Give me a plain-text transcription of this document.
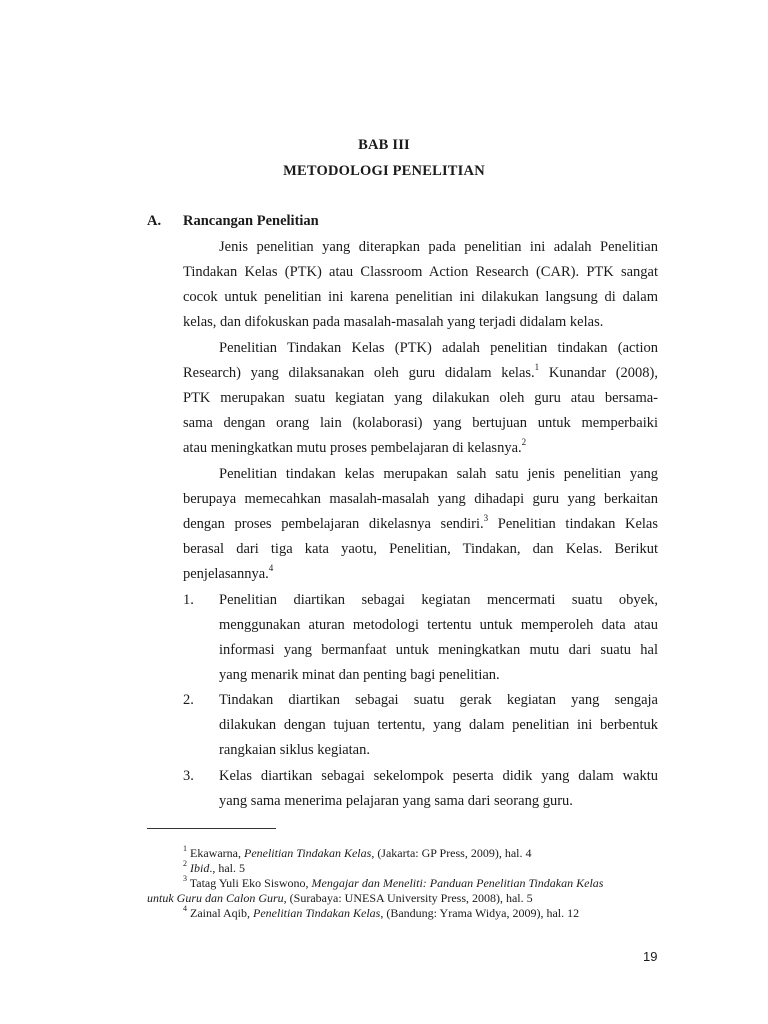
BAB III
METODOLOGI PENELITIAN
A. Rancangan Penelitian
Jenis penelitian yang diterapkan pada penelitian ini adalah Penelitian
Tindakan Kelas (PTK) atau Classroom Action Research (CAR). PTK sangat
cocok untuk penelitian ini karena penelitian ini dilakukan langsung di dalam
kelas, dan difokuskan pada masalah-masalah yang terjadi didalam kelas.
Penelitian Tindakan Kelas (PTK) adalah penelitian tindakan (action
Research) yang dilaksanakan oleh guru didalam kelas.$^1$ Kunandar (2008),
PTK merupakan suatu kegiatan yang dilakukan oleh guru atau bersama-
sama dengan orang lain (kolaborasi) yang bertujuan untuk memperbaiki
atau meningkatkan mutu proses pembelajaran di kelasnya.$^2$
Penelitian tindakan kelas merupakan salah satu jenis penelitian yang
berupaya memecahkan masalah-masalah yang dihadapi guru yang berkaitan
dengan proses pembelajaran dikelasnya sendiri.$^3$ Penelitian tindakan Kelas
berasal dari tiga kata yaotu, Penelitian, Tindakan, dan Kelas. Berikut
penjelasannya.$^4$
1. Penelitian diartikan sebagai kegiatan mencermati suatu obyek,
menggunakan aturan metodologi tertentu untuk memperoleh data atau
informasi yang bermanfaat untuk meningkatkan mutu dari suatu hal
yang menarik minat dan penting bagi penelitian.
2. Tindakan diartikan sebagai suatu gerak kegiatan yang sengaja
dilakukan dengan tujuan tertentu, yang dalam penelitian ini berbentuk
rangkaian siklus kegiatan.
3. Kelas diartikan sebagai sekelompok peserta didik yang dalam waktu
yang sama menerima pelajaran yang sama dari seorang guru.
$^1$ Ekawarna, Penelitian Tindakan Kelas, (Jakarta: GP Press, 2009), hal. 4
$^2$ Ibid., hal. 5
$^3$ Tatag Yuli Eko Siswono, Mengajar dan Meneliti: Panduan Penelitian Tindakan Kelas
untuk Guru dan Calon Guru, (Surabaya: UNESA University Press, 2008), hal. 5
$^4$ Zainal Aqib, Penelitian Tindakan Kelas, (Bandung: Yrama Widya, 2009), hal. 12
19
